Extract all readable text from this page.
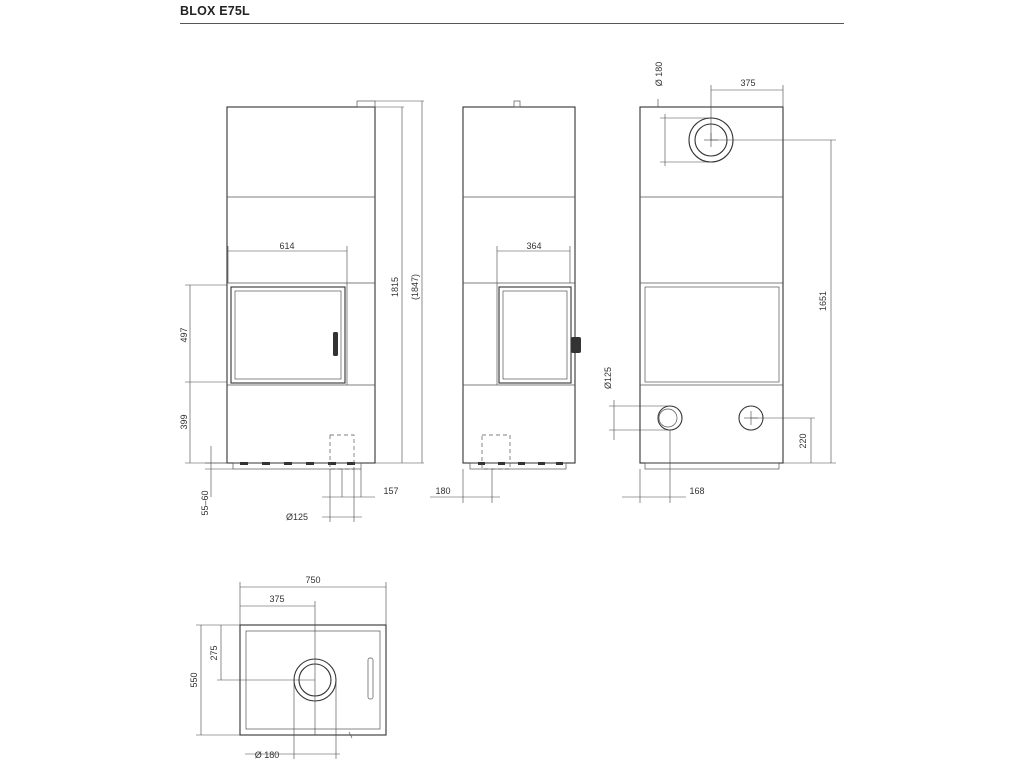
BLOX E75L
614
1815 (1847)
497
399
55–60	157
Ø125
364
180
Ø 180	375
1651
220
Ø125
168
750
375
550
275
Ø 180
